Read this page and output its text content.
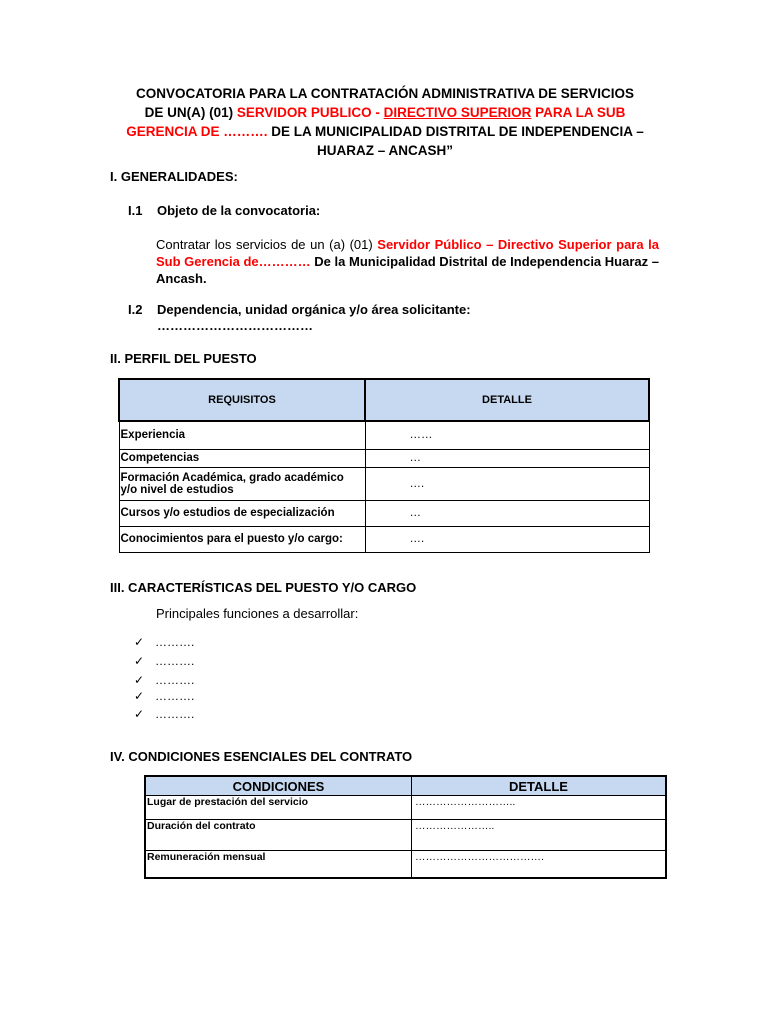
CONVOCATORIA PARA LA CONTRATACIÓN ADMINISTRATIVA DE SERVICIOS
DE UN(A) (01) SERVIDOR PUBLICO - DIRECTIVO SUPERIOR PARA LA SUB
GERENCIA DE ………. DE LA MUNICIPALIDAD DISTRITAL DE INDEPENDENCIA –
HUARAZ – ANCASH”
I. GENERALIDADES:
I.1 Objeto de la convocatoria:
Contratar los servicios de un (a) (01) Servidor Público – Directivo Superior para la Sub Gerencia de………… De la Municipalidad Distrital de Independencia Huaraz – Ancash.
I.2 Dependencia, unidad orgánica y/o área solicitante:
………………………………
II. PERFIL DEL PUESTO
REQUISITOS	DETALLE
Experiencia	……
Competencias	…
Formación Académica, grado académico y/o nivel de estudios	….
Cursos y/o estudios de especialización	…
Conocimientos para el puesto y/o cargo:	….
III. CARACTERÍSTICAS DEL PUESTO Y/O CARGO
Principales funciones a desarrollar:
✓ ……….
✓ ……….
✓ ……….
✓ ……….
✓ ……….
IV. CONDICIONES ESENCIALES DEL CONTRATO
CONDICIONES	DETALLE
Lugar de prestación del servicio	………………………..
Duración del contrato	…………………..
Remuneración mensual	……………………………….
